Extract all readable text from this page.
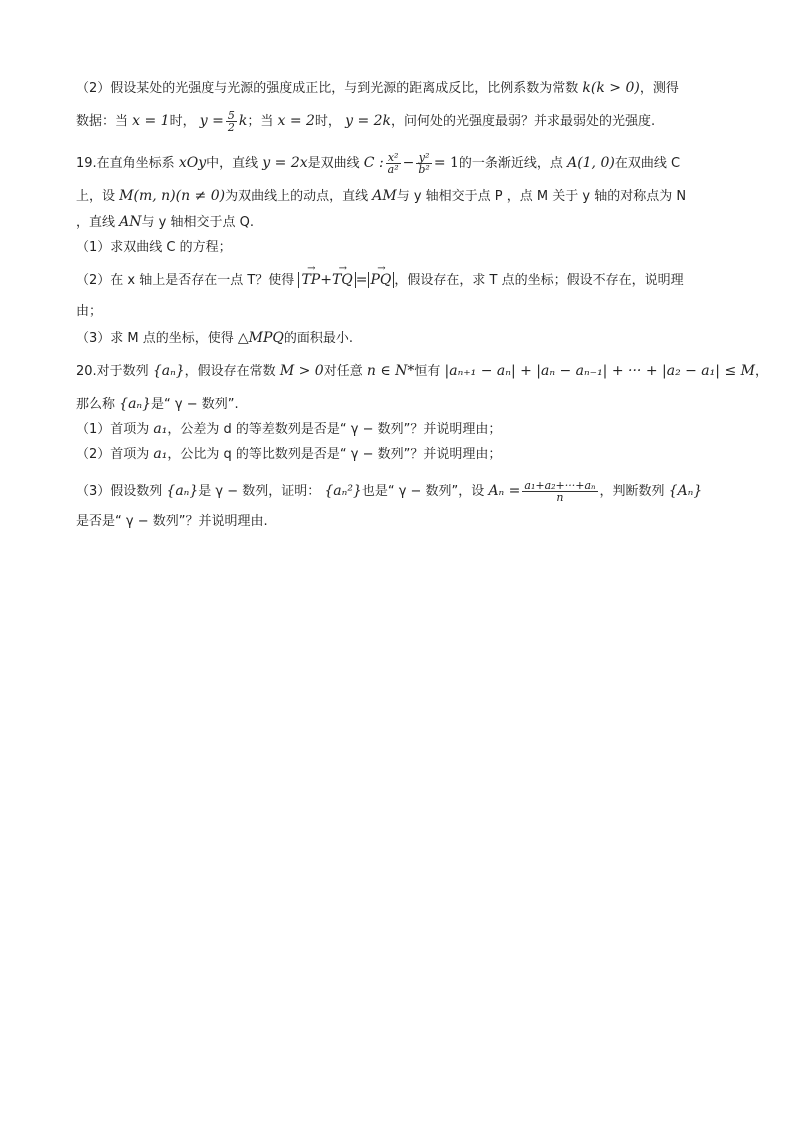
（2）假设某处的光强度与光源的强度成正比，与到光源的距离成反比，比例系数为常数 k(k > 0)，测得
数据：当 x = 1时， $y = \frac{5}{2}$ k；当 x = 2时， y = 2k，问何处的光强度最弱？并求最弱处的光强度.
19.在直角坐标系 xOy中，直线 y = 2x是双曲线 C : $\frac{\text{x²}}{\text{a²}} - \frac{\text{y²}}{\text{b²}} = 1$的一条渐近线，点 A(1, 0)在双曲线 C
上，设 M(m, n)(n ≠ 0)为双曲线上的动点，直线 AM与 y 轴相交于点 P ，点 M 关于 y 轴的对称点为 N
，直线 AN与 y 轴相交于点 Q.
（1）求双曲线 C 的方程；
（2）在 x 轴上是否存在一点 T？使得 → TP+→ TQ = → PQ ，假设存在，求 T 点的坐标；假设不存在，说明理
由；
（3）求 M 点的坐标，使得 △MPQ的面积最小.
20.对于数列 {aₙ}，假设存在常数 M > 0对任意 n ∈ N*恒有 |aₙ₊₁ − aₙ| + |aₙ − aₙ₋₁| + ··· + |a₂ − a₁| ≤ M，
那么称 {aₙ}是“ γ − 数列”.
（1）首项为 a₁，公差为 d 的等差数列是否是“ γ − 数列”？并说明理由；
（2）首项为 a₁，公比为 q 的等比数列是否是“ γ − 数列”？并说明理由；
（3）假设数列 {aₙ}是 γ − 数列，证明： {aₙ²}也是“ γ − 数列”，设 $A_n = \frac{\text{a₁+a₂+···+aₙ}}{n}$ ，判断数列 {Aₙ}
是否是“ γ − 数列”？并说明理由.
